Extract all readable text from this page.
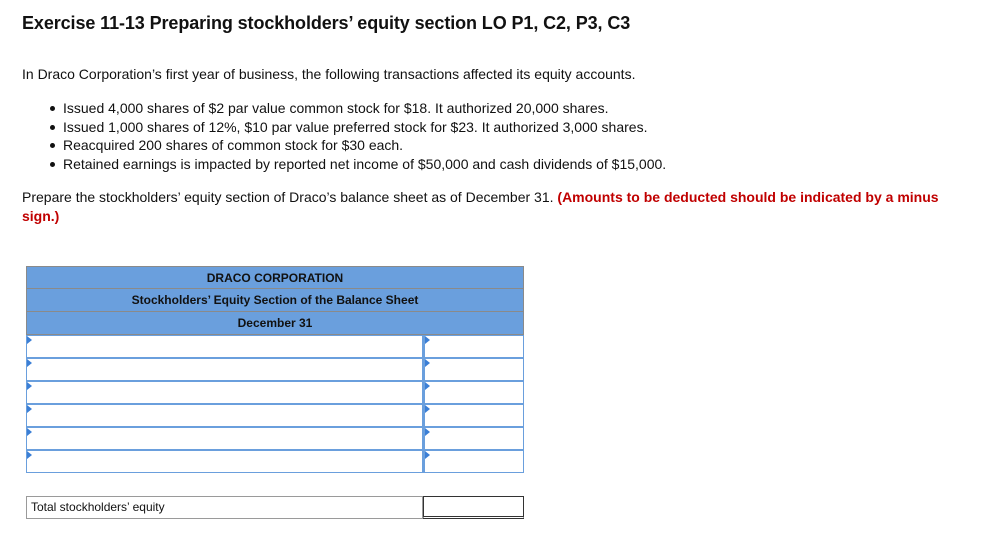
Exercise 11-13 Preparing stockholders’ equity section LO P1, C2, P3, C3
In Draco Corporation’s first year of business, the following transactions affected its equity accounts.
Issued 4,000 shares of $2 par value common stock for $18. It authorized 20,000 shares.
Issued 1,000 shares of 12%, $10 par value preferred stock for $23. It authorized 3,000 shares.
Reacquired 200 shares of common stock for $30 each.
Retained earnings is impacted by reported net income of $50,000 and cash dividends of $15,000.
Prepare the stockholders’ equity section of Draco’s balance sheet as of December 31. (Amounts to be deducted should be indicated by a minus sign.)
DRACO CORPORATION
Stockholders’ Equity Section of the Balance Sheet
December 31
Total stockholders’ equity
